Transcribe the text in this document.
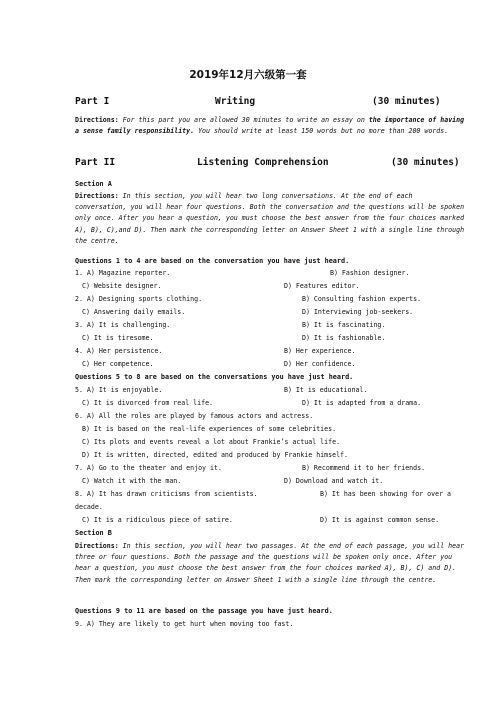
2019年12月六级第一套
Part I	Writing	(30 minutes)
Directions: For this part you are allowed 30 minutes to write an essay on the importance of having a sense family responsibility. You should write at least 150 words but no more than 200 words.
Part II	Listening Comprehension	(30 minutes)
Section A
Directions: In this section, you will hear two long conversations. At the end of each conversation, you will hear four questions. Both the conversation and the questions will be spoken only once. After you hear a question, you must choose the best answer from the four choices marked A), B), C),and D). Then mark the corresponding letter on Answer Sheet 1 with a single line through the centre.
Questions 1 to 4 are based on the conversation you have just heard.
1. A) Magazine reporter.	B) Fashion designer.
C) Website designer.	D) Features editor.
2. A) Designing sports clothing.	B) Consulting fashion experts.
C) Answering daily emails.	D) Interviewing job-seekers.
3. A) It is challenging.	B) It is fascinating.
C) It is tiresome.	D) It is fashionable.
4. A) Her persistence.	B) Her experience.
C) Her competence.	D) Her confidence.
Questions 5 to 8 are based on the conversations you have just heard.
5. A) It is enjoyable.	B) It is educational.
C) It is divorced from real life.	D) It is adapted from a drama.
6. A) All the roles are played by famous actors and actress.
B) It is based on the real-life experiences of some celebrities.
C) Its plots and events reveal a lot about Frankie’s actual life.
D) It is written, directed, edited and produced by Frankie himself.
7. A) Go to the theater and enjoy it.	B) Recommend it to her friends.
C) Watch it with the man.	D) Download and watch it.
8. A) It has drawn criticisms from scientists.	B) It has been showing for over a
decade.
C) It is a ridiculous piece of satire.	D) It is against common sense.
Section B
Directions: In this section, you will hear two passages. At the end of each passage, you will hear three or four questions. Both the passage and the questions will be spoken only once. After you hear a question, you must choose the best answer from the four choices marked A), B), C) and D). Then mark the corresponding letter on Answer Sheet 1 with a single line through the centre.
Questions 9 to 11 are based on the passage you have just heard.
9. A) They are likely to get hurt when moving too fast.
